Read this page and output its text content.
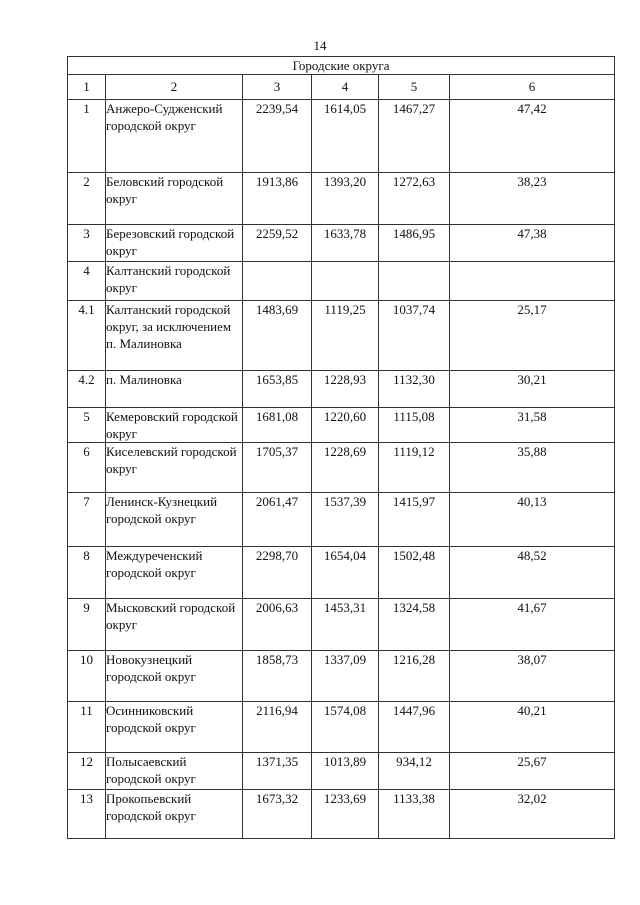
14
Городские округа					
1	2	3	4	5	6
1	Анжеро-Судженский городской округ	2239,54	1614,05	1467,27	47,42
2	Беловский городской округ	1913,86	1393,20	1272,63	38,23
3	Березовский городской округ	2259,52	1633,78	1486,95	47,38
4	Калтанский городской округ				
4.1	Калтанский городской округ, за исключением п. Малиновка	1483,69	1119,25	1037,74	25,17
4.2	п. Малиновка	1653,85	1228,93	1132,30	30,21
5	Кемеровский городской округ	1681,08	1220,60	1115,08	31,58
6	Киселевский городской округ	1705,37	1228,69	1119,12	35,88
7	Ленинск-Кузнецкий городской округ	2061,47	1537,39	1415,97	40,13
8	Междуреченский городской округ	2298,70	1654,04	1502,48	48,52
9	Мысковский городской округ	2006,63	1453,31	1324,58	41,67
10	Новокузнецкий городской округ	1858,73	1337,09	1216,28	38,07
11	Осинниковский городской округ	2116,94	1574,08	1447,96	40,21
12	Полысаевский городской округ	1371,35	1013,89	934,12	25,67
13	Прокопьевский городской округ	1673,32	1233,69	1133,38	32,02
